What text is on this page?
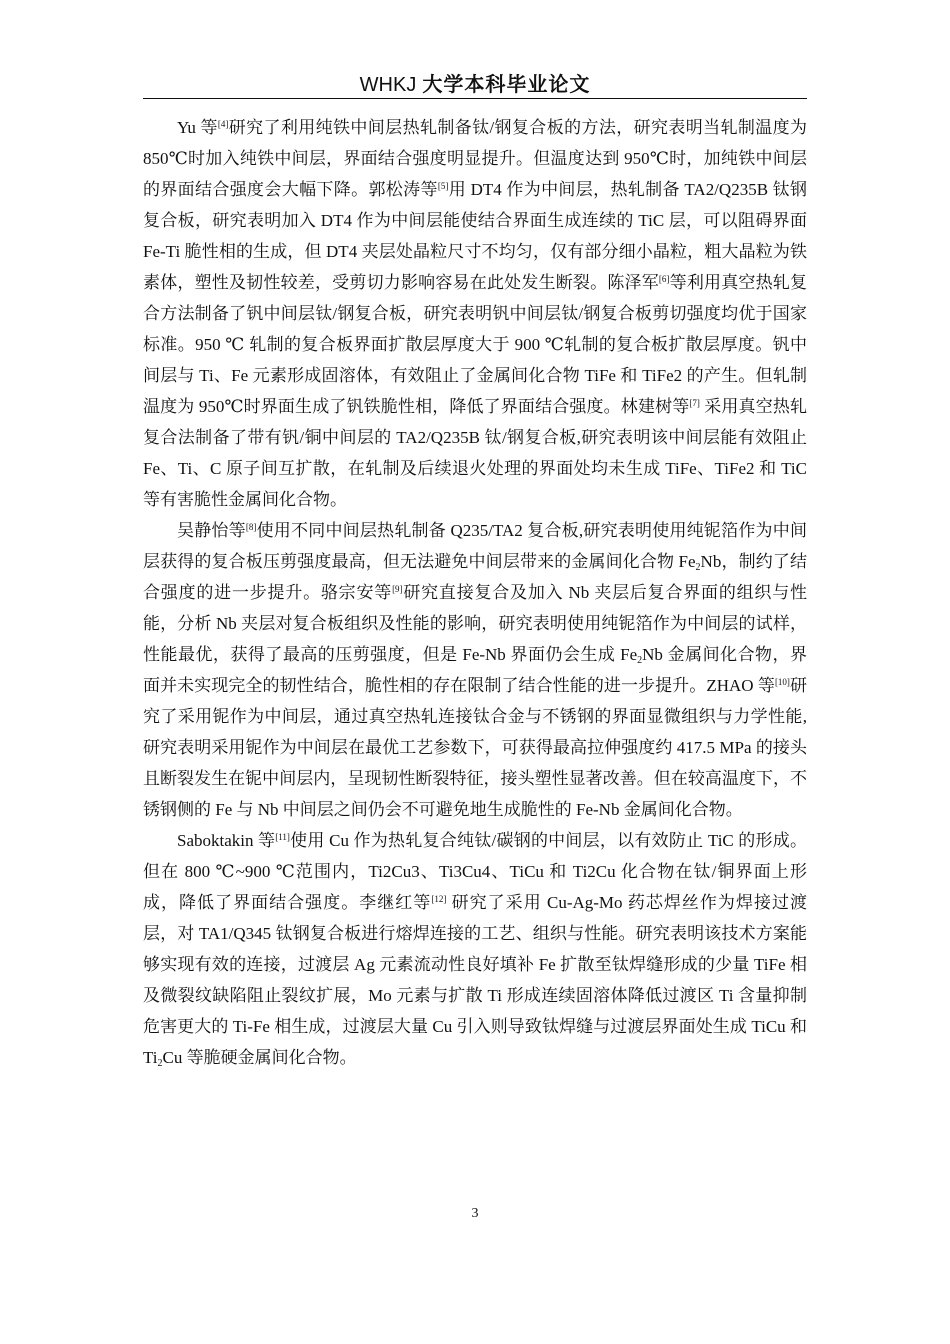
WHKJ 大学本科毕业论文

Yu 等[4]研究了利用纯铁中间层热轧制备钛/钢复合板的方法，研究表明当轧制温度为 850℃时加入纯铁中间层，界面结合强度明显提升。但温度达到 950℃时，加纯铁中间层的界面结合强度会大幅下降。郭松涛等[5]用 DT4 作为中间层，热轧制备 TA2/Q235B 钛钢复合板，研究表明加入 DT4 作为中间层能使结合界面生成连续的 TiC 层，可以阻碍界面 Fe-Ti 脆性相的生成，但 DT4 夹层处晶粒尺寸不均匀，仅有部分细小晶粒，粗大晶粒为铁素体，塑性及韧性较差，受剪切力影响容易在此处发生断裂。陈泽军[6]等利用真空热轧复合方法制备了钒中间层钛/钢复合板，研究表明钒中间层钛/钢复合板剪切强度均优于国家标准。950 ℃ 轧制的复合板界面扩散层厚度大于 900 ℃轧制的复合板扩散层厚度。钒中间层与 Ti、Fe 元素形成固溶体，有效阻止了金属间化合物 TiFe 和 TiFe2 的产生。但轧制温度为 950℃时界面生成了钒铁脆性相，降低了界面结合强度。林建树等[7] 采用真空热轧复合法制备了带有钒/铜中间层的 TA2/Q235B 钛/钢复合板,研究表明该中间层能有效阻止 Fe、Ti、C 原子间互扩散，在轧制及后续退火处理的界面处均未生成 TiFe、TiFe2 和 TiC 等有害脆性金属间化合物。

吴静怡等[8]使用不同中间层热轧制备 Q235/TA2 复合板,研究表明使用纯铌箔作为中间层获得的复合板压剪强度最高，但无法避免中间层带来的金属间化合物 $Fe_2Nb$，制约了结合强度的进一步提升。骆宗安等[9]研究直接复合及加入 Nb 夹层后复合界面的组织与性能，分析 Nb 夹层对复合板组织及性能的影响，研究表明使用纯铌箔作为中间层的试样，性能最优，获得了最高的压剪强度，但是 Fe-Nb 界面仍会生成 $Fe_2Nb$ 金属间化合物，界面并未实现完全的韧性结合，脆性相的存在限制了结合性能的进一步提升。ZHAO 等[10]研究了采用铌作为中间层，通过真空热轧连接钛合金与不锈钢的界面显微组织与力学性能,研究表明采用铌作为中间层在最优工艺参数下，可获得最高拉伸强度约 417.5 MPa 的接头且断裂发生在铌中间层内，呈现韧性断裂特征，接头塑性显著改善。但在较高温度下，不锈钢侧的 Fe 与 Nb 中间层之间仍会不可避免地生成脆性的 Fe-Nb 金属间化合物。

Saboktakin 等[11]使用 Cu 作为热轧复合纯钛/碳钢的中间层，以有效防止 TiC 的形成。但在 800 ℃~900 ℃范围内，Ti2Cu3、Ti3Cu4、TiCu 和 Ti2Cu 化合物在钛/铜界面上形成，降低了界面结合强度。李继红等[12] 研究了采用 Cu-Ag-Mo 药芯焊丝作为焊接过渡层，对 TA1/Q345 钛钢复合板进行熔焊连接的工艺、组织与性能。研究表明该技术方案能够实现有效的连接，过渡层 Ag 元素流动性良好填补 Fe 扩散至钛焊缝形成的少量 TiFe 相及微裂纹缺陷阻止裂纹扩展，Mo 元素与扩散 Ti 形成连续固溶体降低过渡区 Ti 含量抑制危害更大的 Ti-Fe 相生成，过渡层大量 Cu 引入则导致钛焊缝与过渡层界面处生成 TiCu 和 $Ti_2Cu$ 等脆硬金属间化合物。

3
